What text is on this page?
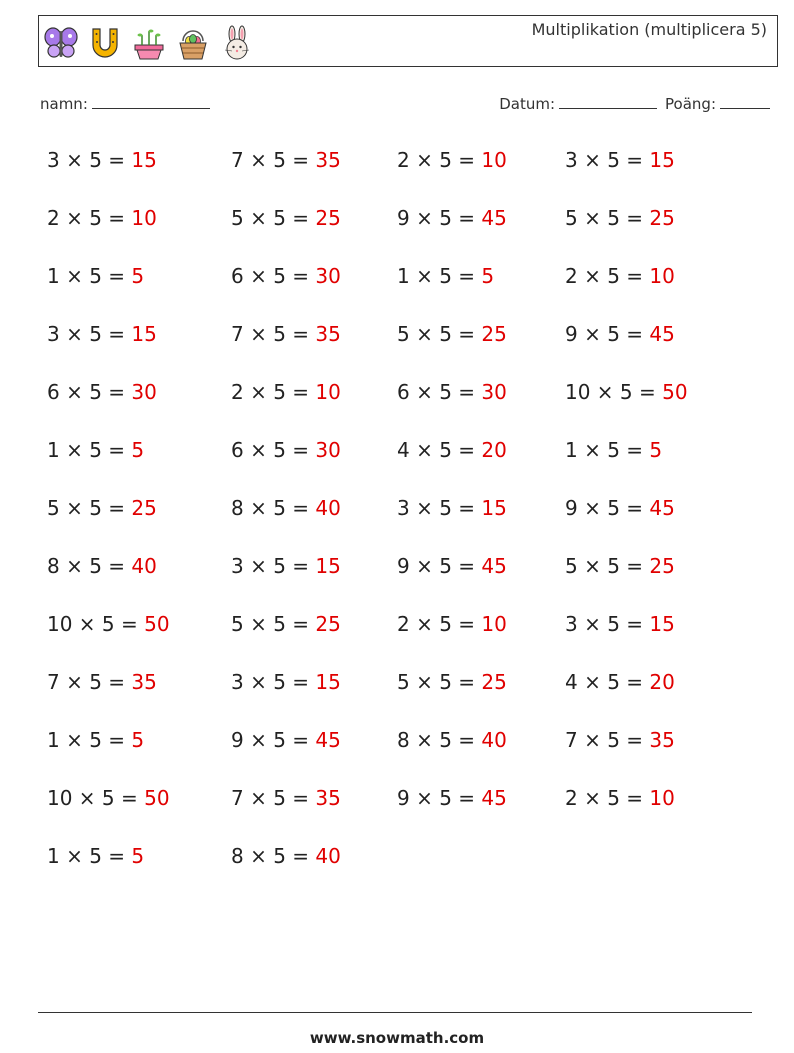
Multiplikation (multiplicera 5)
namn:	Datum:	Poäng:
3 × 5 = 15	7 × 5 = 35	2 × 5 = 10	3 × 5 = 15
2 × 5 = 10	5 × 5 = 25	9 × 5 = 45	5 × 5 = 25
1 × 5 = 5	6 × 5 = 30	1 × 5 = 5	2 × 5 = 10
3 × 5 = 15	7 × 5 = 35	5 × 5 = 25	9 × 5 = 45
6 × 5 = 30	2 × 5 = 10	6 × 5 = 30	10 × 5 = 50
1 × 5 = 5	6 × 5 = 30	4 × 5 = 20	1 × 5 = 5
5 × 5 = 25	8 × 5 = 40	3 × 5 = 15	9 × 5 = 45
8 × 5 = 40	3 × 5 = 15	9 × 5 = 45	5 × 5 = 25
10 × 5 = 50	5 × 5 = 25	2 × 5 = 10	3 × 5 = 15
7 × 5 = 35	3 × 5 = 15	5 × 5 = 25	4 × 5 = 20
1 × 5 = 5	9 × 5 = 45	8 × 5 = 40	7 × 5 = 35
10 × 5 = 50	7 × 5 = 35	9 × 5 = 45	2 × 5 = 10
1 × 5 = 5	8 × 5 = 40
www.snowmath.com
